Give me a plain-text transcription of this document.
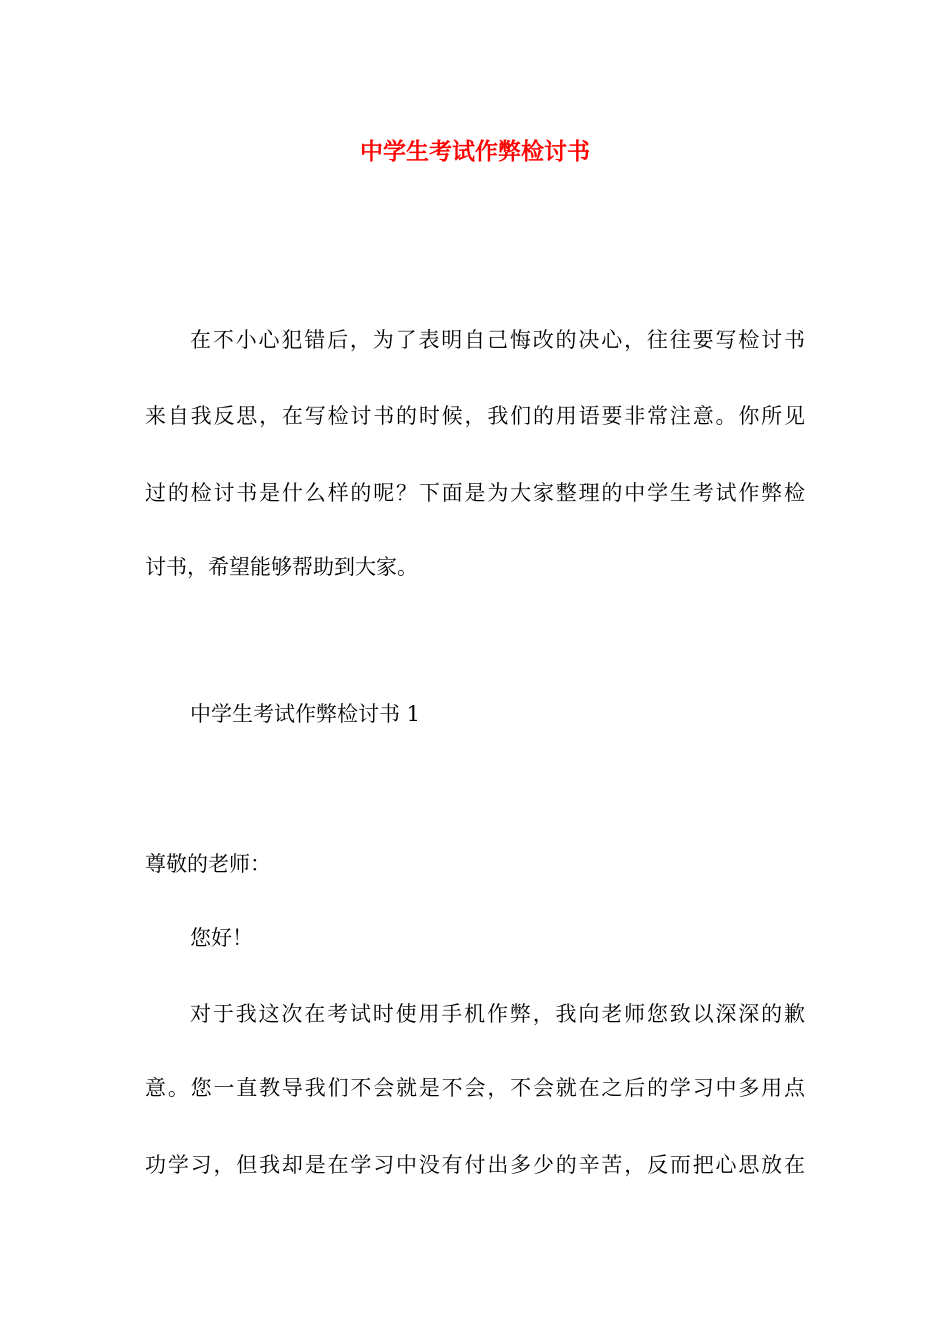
中学生考试作弊检讨书

在不小心犯错后，为了表明自己悔改的决心，往往要写检讨书

来自我反思，在写检讨书的时候，我们的用语要非常注意。你所见

过的检讨书是什么样的呢？下面是为大家整理的中学生考试作弊检

讨书，希望能够帮助到大家。

中学生考试作弊检讨书 1

尊敬的老师：

您好！

对于我这次在考试时使用手机作弊，我向老师您致以深深的歉

意。您一直教导我们不会就是不会，不会就在之后的学习中多用点

功学习，但我却是在学习中没有付出多少的辛苦，反而把心思放在
